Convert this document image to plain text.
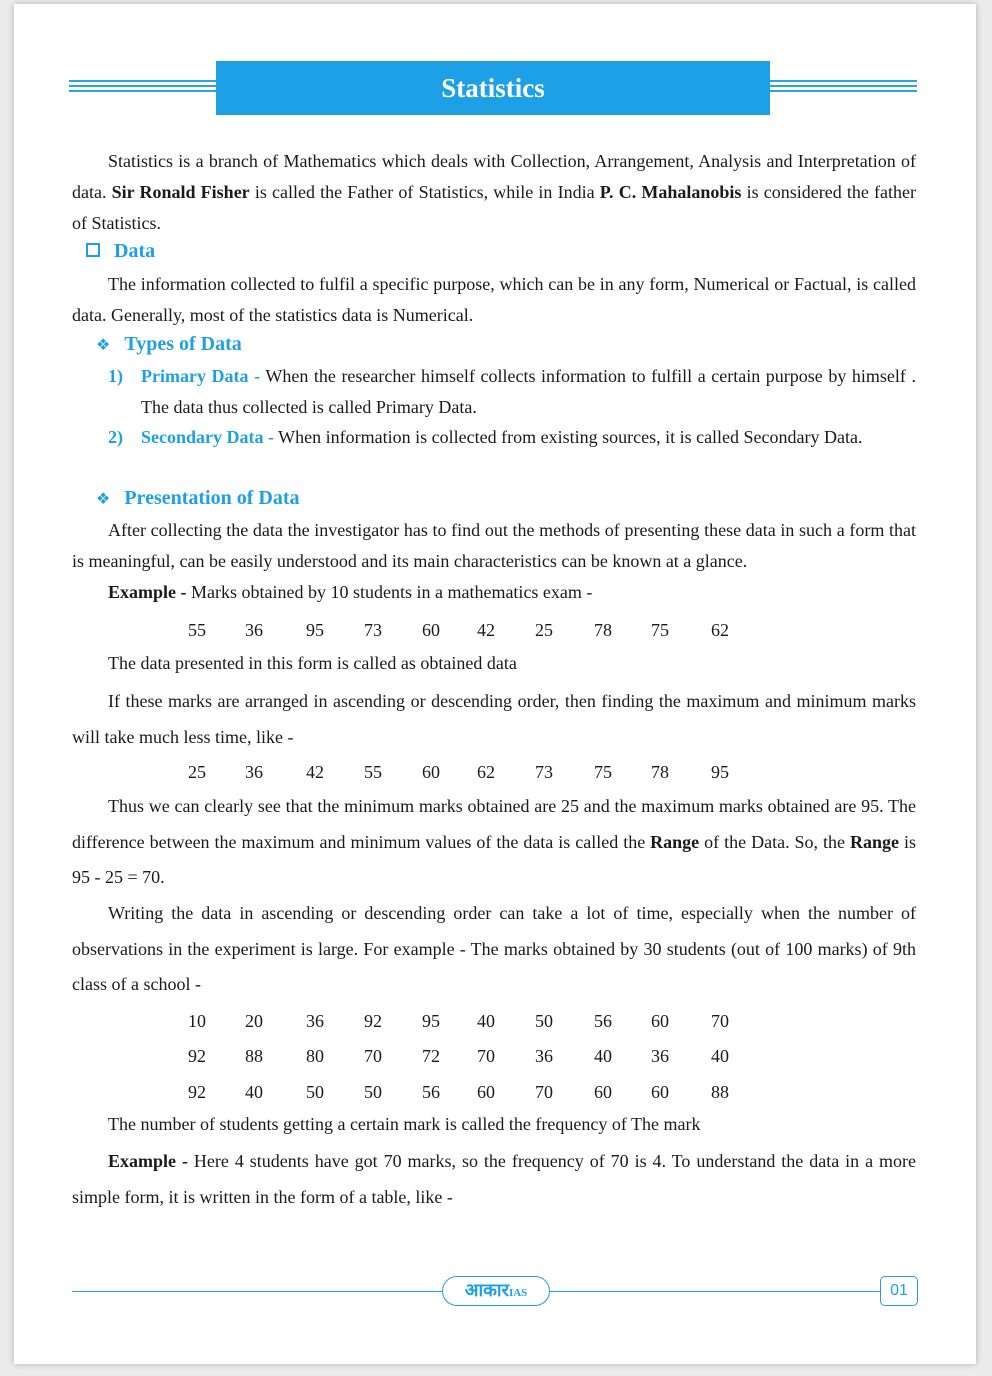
Statistics
Statistics is a branch of Mathematics which deals with Collection, Arrangement, Analysis and Interpretation of data. Sir Ronald Fisher is called the Father of Statistics, while in India P. C. Mahalanobis is considered the father of Statistics.
Data
The information collected to fulfil a specific purpose, which can be in any form, Numerical or Factual, is called data. Generally, most of the statistics data is Numerical.
❖ Types of Data
1) Primary Data - When the researcher himself collects information to fulfill a certain purpose by himself . The data thus collected is called Primary Data.
2) Secondary Data - When information is collected from existing sources, it is called Secondary Data.
❖ Presentation of Data
After collecting the data the investigator has to find out the methods of presenting these data in such a form that is meaningful, can be easily understood and its main characteristics can be known at a glance.
Example - Marks obtained by 10 students in a mathematics exam -
55 36 95 73 60 42 25 78 75 62
The data presented in this form is called as obtained data
If these marks are arranged in ascending or descending order, then finding the maximum and minimum marks will take much less time, like -
25 36 42 55 60 62 73 75 78 95
Thus we can clearly see that the minimum marks obtained are 25 and the maximum marks obtained are 95. The difference between the maximum and minimum values of the data is called the Range of the Data. So, the Range is 95 - 25 = 70.
Writing the data in ascending or descending order can take a lot of time, especially when the number of observations in the experiment is large. For example - The marks obtained by 30 students (out of 100 marks) of 9th class of a school -
10 20 36 92 95 40 50 56 60 70
92 88 80 70 72 70 36 40 36 40
92 40 50 50 56 60 70 60 60 88
The number of students getting a certain mark is called the frequency of The mark
Example - Here 4 students have got 70 marks, so the frequency of 70 is 4. To understand the data in a more simple form, it is written in the form of a table, like -
आकारIAS	01
